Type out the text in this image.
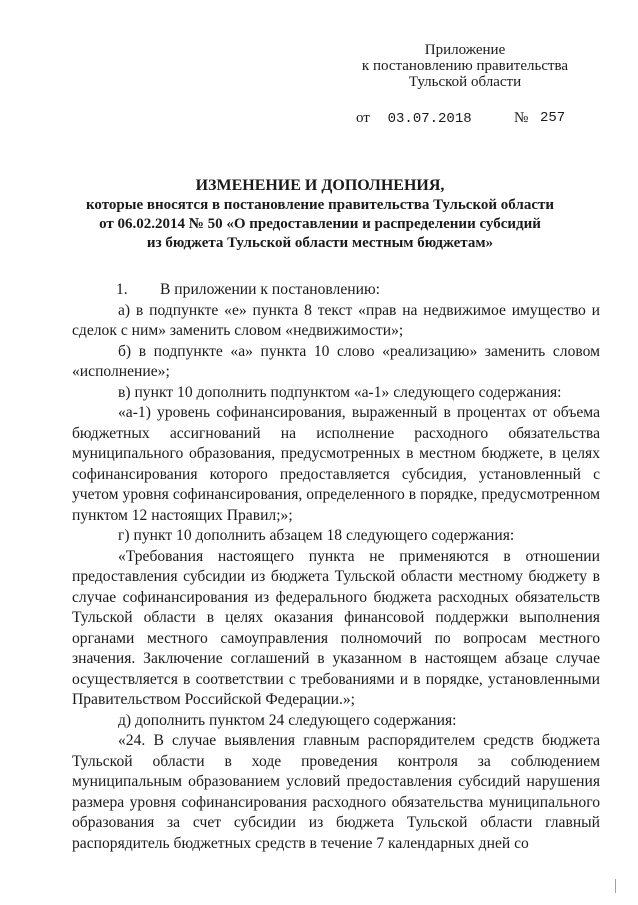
Приложение
к постановлению правительства
Тульской области
от 03.07.2018	№ 257
ИЗМЕНЕНИЕ И ДОПОЛНЕНИЯ,
которые вносятся в постановление правительства Тульской области
от 06.02.2014 № 50 «О предоставлении и распределении субсидий
из бюджета Тульской области местным бюджетам»

1. В приложении к постановлению:

а) в подпункте «е» пункта 8 текст «прав на недвижимое имущество и сделок с ним» заменить словом «недвижимости»;

б) в подпункте «а» пункта 10 слово «реализацию» заменить словом «исполнение»;

в) пункт 10 дополнить подпунктом «а-1» следующего содержания:

«а-1) уровень софинансирования, выраженный в процентах от объема бюджетных ассигнований на исполнение расходного обязательства муниципального образования, предусмотренных в местном бюджете, в целях софинансирования которого предоставляется субсидия, установленный с учетом уровня софинансирования, определенного в порядке, предусмотренном пунктом 12 настоящих Правил;»;

г) пункт 10 дополнить абзацем 18 следующего содержания:

«Требования настоящего пункта не применяются в отношении предоставления субсидии из бюджета Тульской области местному бюджету в случае софинансирования из федерального бюджета расходных обязательств Тульской области в целях оказания финансовой поддержки выполнения органами местного самоуправления полномочий по вопросам местного значения. Заключение соглашений в указанном в настоящем абзаце случае осуществляется в соответствии с требованиями и в порядке, установленными Правительством Российской Федерации.»;

д) дополнить пунктом 24 следующего содержания:

«24. В случае выявления главным распорядителем средств бюджета Тульской области в ходе проведения контроля за соблюдением муниципальным образованием условий предоставления субсидий нарушения размера уровня софинансирования расходного обязательства муниципального образования за счет субсидии из бюджета Тульской области главный распорядитель бюджетных средств в течение 7 календарных дней со
